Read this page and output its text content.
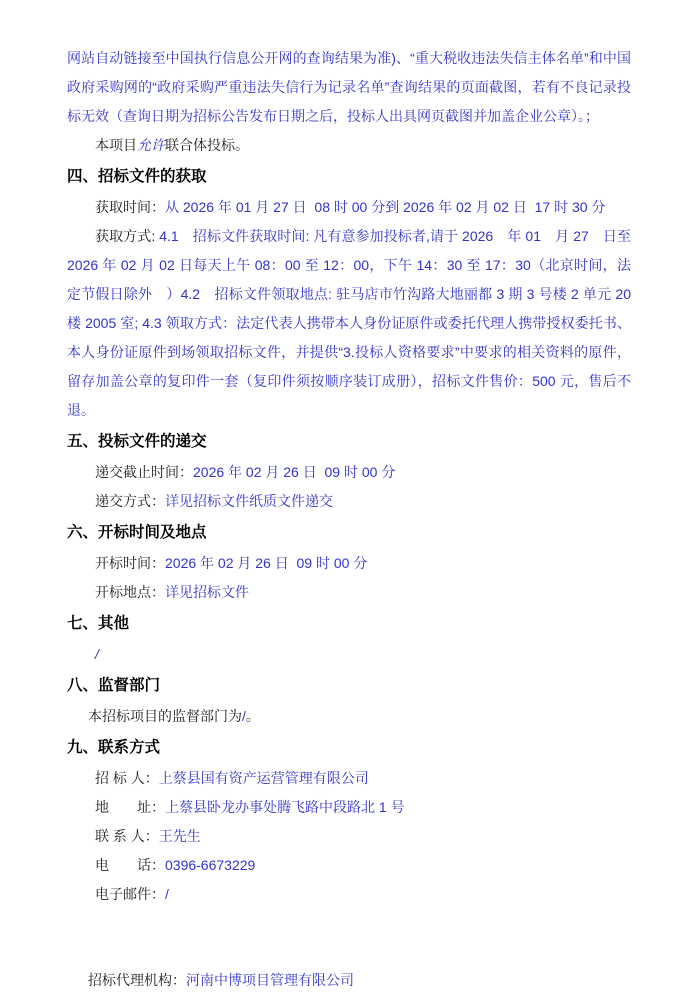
网站自动链接至中国执行信息公开网的查询结果为准)、“重大税收违法失信主体名单”和中国政府采购网的“政府采购严重违法失信行为记录名单”查询结果的页面截图，若有不良记录投标无效（查询日期为招标公告发布日期之后，投标人出具网页截图并加盖企业公章）。；

本项目允许联合体投标。

四、招标文件的获取

获取时间：从 2026 年 01 月 27 日  08 时 00 分到 2026 年 02 月 02 日  17 时 30 分

获取方式: 4.1　招标文件获取时间: 凡有意参加投标者,请于 2026　年 01　月 27　日至 2026 年 02 月 02 日每天上午 08：00 至 12：00，下午 14：30 至 17：30（北京时间，法定节假日除外　）4.2　招标文件领取地点: 驻马店市竹沟路大地丽都 3 期 3 号楼 2 单元 20 楼 2005 室; 4.3 领取方式：法定代表人携带本人身份证原件或委托代理人携带授权委托书、本人身份证原件到场领取招标文件，并提供“3.投标人资格要求”中要求的相关资料的原件，留存加盖公章的复印件一套（复印件须按顺序装订成册），招标文件售价：500 元，售后不退。

五、投标文件的递交

递交截止时间：2026 年 02 月 26 日  09 时 00 分

递交方式：详见招标文件纸质文件递交

六、开标时间及地点

开标时间：2026 年 02 月 26 日  09 时 00 分

开标地点：详见招标文件

七、其他

/

八、监督部门

本招标项目的监督部门为/。

九、联系方式

招 标 人：上蔡县国有资产运营管理有限公司

地　　址：上蔡县卧龙办事处腾飞路中段路北 1 号

联 系 人：王先生

电　　话：0396-6673229

电子邮件：/

招标代理机构：河南中博项目管理有限公司
